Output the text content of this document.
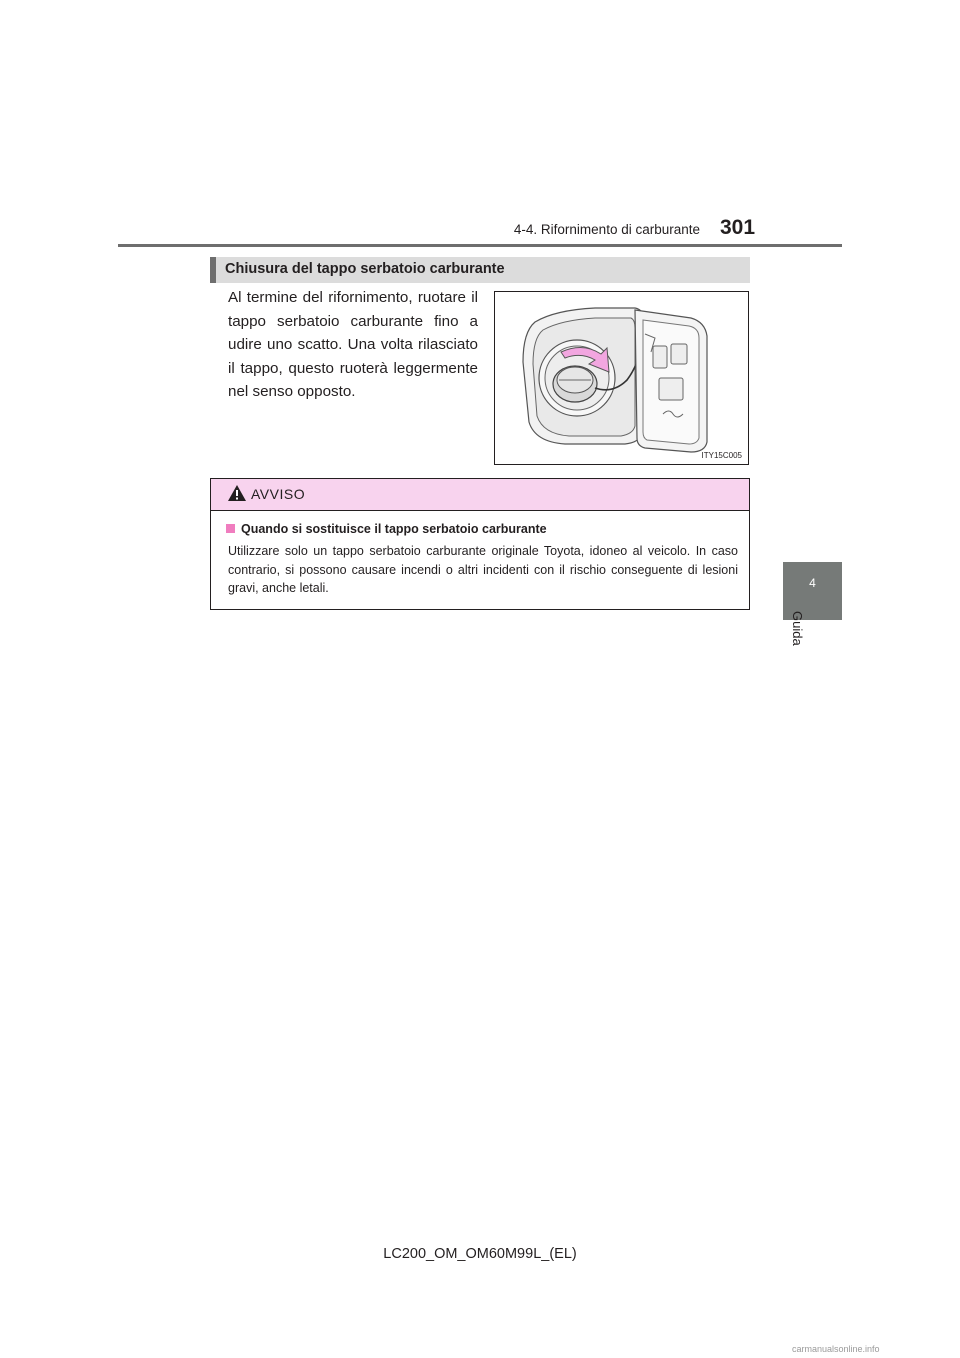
4-4. Rifornimento di carburante 301
4
Guida
Chiusura del tappo serbatoio carburante
Al termine del rifornimento, ruotare il tappo serbatoio carburante fino a udire uno scatto. Una volta rilasciato il tappo, questo ruoterà leggermente nel senso opposto.
ITY15C005
AVVISO
Quando si sostituisce il tappo serbatoio carburante
Utilizzare solo un tappo serbatoio carburante originale Toyota, idoneo al veicolo. In caso contrario, si possono causare incendi o altri incidenti con il rischio conseguente di lesioni gravi, anche letali.
LC200_OM_OM60M99L_(EL)
carmanualsonline.info
